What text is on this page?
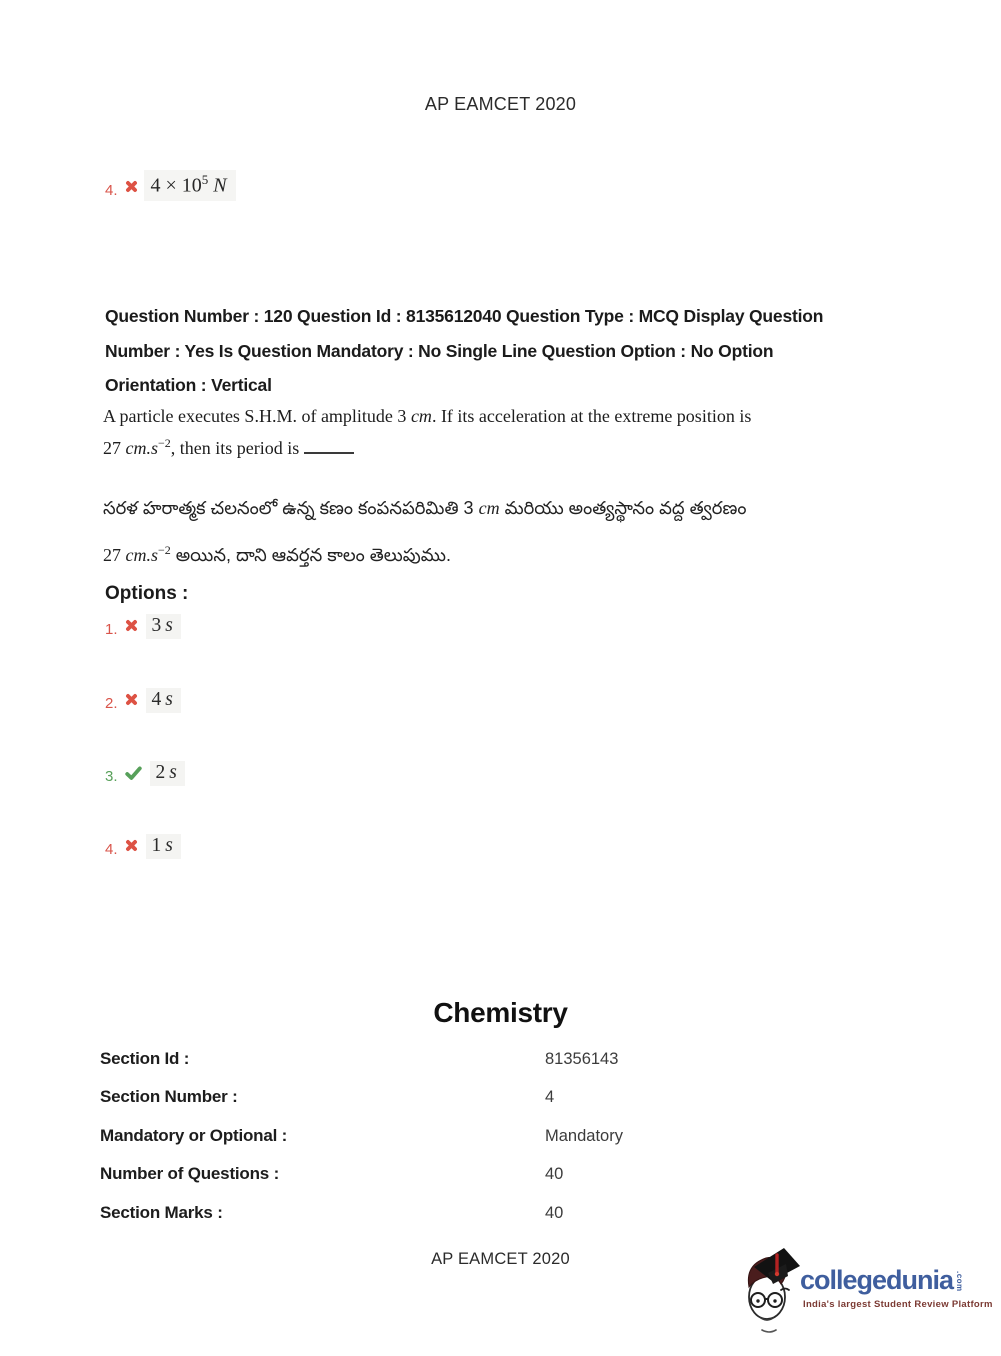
AP EAMCET 2020
4.	$4 \times 10^5$ N
Question Number : 120 Question Id : 8135612040 Question Type : MCQ Display Question
Number : Yes Is Question Mandatory : No Single Line Question Option : No Option
Orientation : Vertical
A particle executes S.H.M. of amplitude 3 cm. If its acceleration at the extreme position is
27 $cm.s^{-2}$, then its period is
సరళ హరాత్మక చలనంలో ఉన్న కణం కంపనపరిమితి 3 cm మరియు అంత్యస్థానం వద్ద త్వరణం
27 $cm.s^{-2}$ అయిన, దాని ఆవర్తన కాలం తెలుపుము.
Options :
1.	3 s
2.	4 s
3.	2 s
4.	1 s
Chemistry
Section Id :	81356143
Section Number :	4
Mandatory or Optional :	Mandatory
Number of Questions :	40
Section Marks :	40
AP EAMCET 2020
collegedunia .com
India's largest Student Review Platform
